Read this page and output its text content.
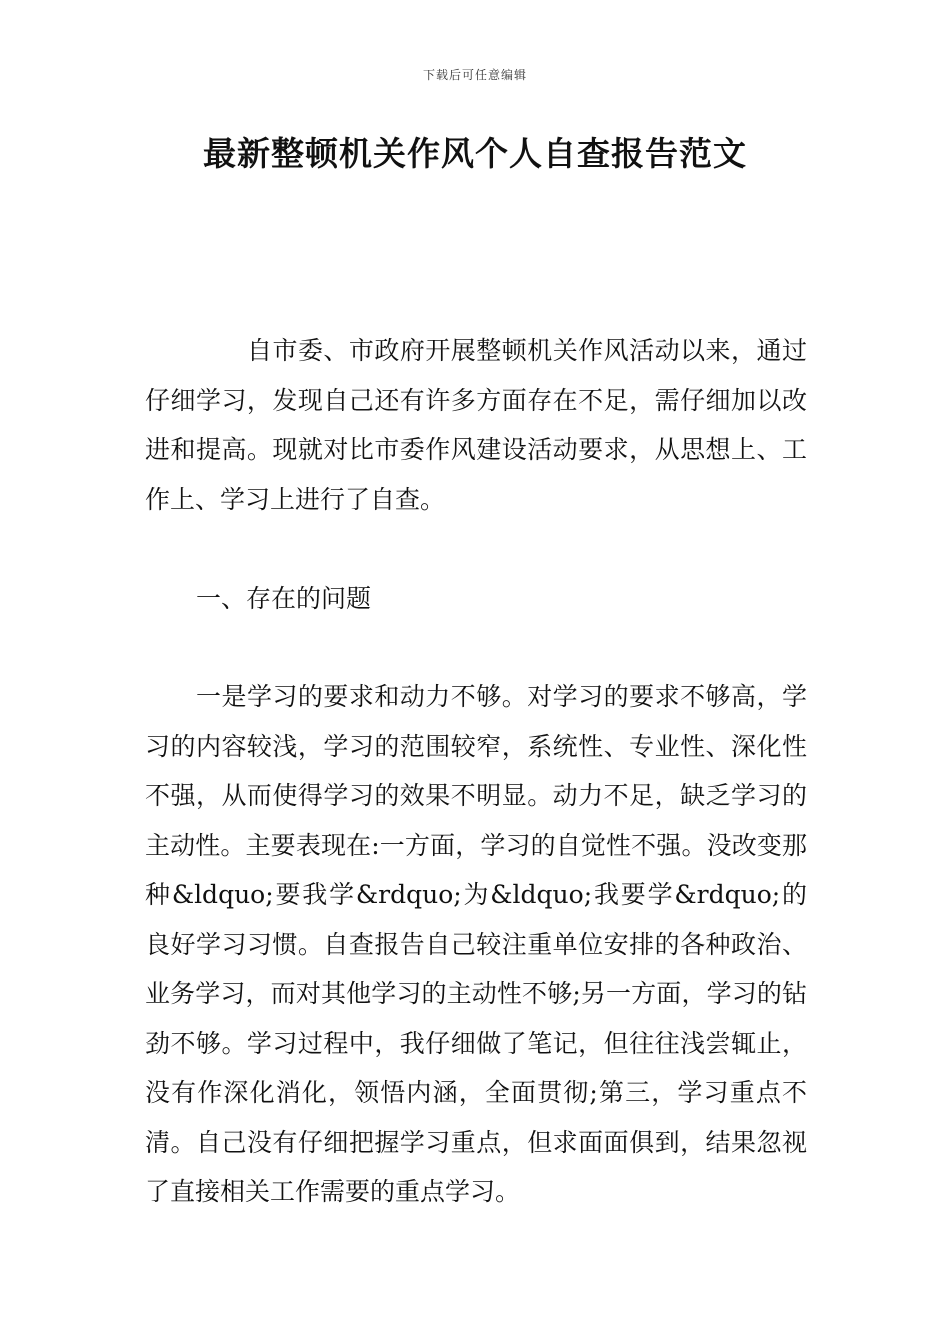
下载后可任意编辑
最新整顿机关作风个人自查报告范文

自市委、市政府开展整顿机关作风活动以来，通过仔细学习，发现自己还有许多方面存在不足，需仔细加以改进和提高。现就对比市委作风建设活动要求，从思想上、工作上、学习上进行了自查。

一、存在的问题

一是学习的要求和动力不够。对学习的要求不够高，学习的内容较浅，学习的范围较窄，系统性、专业性、深化性不强，从而使得学习的效果不明显。动力不足，缺乏学习的主动性。主要表现在:一方面，学习的自觉性不强。没改变那种&ldquo;要我学&rdquo;为&ldquo;我要学&rdquo;的良好学习习惯。自查报告自己较注重单位安排的各种政治、业务学习，而对其他学习的主动性不够;另一方面，学习的钻劲不够。学习过程中，我仔细做了笔记，但往往浅尝辄止，没有作深化消化，领悟内涵，全面贯彻;第三，学习重点不清。自己没有仔细把握学习重点，但求面面俱到，结果忽视了直接相关工作需要的重点学习。
